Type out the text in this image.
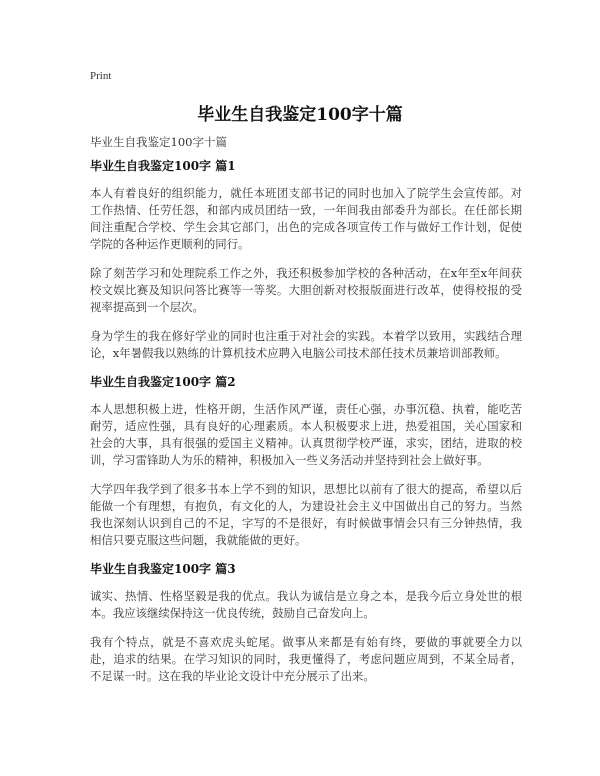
Print
毕业生自我鉴定100字十篇
毕业生自我鉴定100字十篇
毕业生自我鉴定100字 篇1

本人有着良好的组织能力，就任本班团支部书记的同时也加入了院学生会宣传部。对工作热情、任劳任怨，和部内成员团结一致，一年间我由部委升为部长。在任部长期间注重配合学校、学生会其它部门，出色的完成各项宣传工作与做好工作计划，促使学院的各种运作更顺利的同行。

除了刻苦学习和处理院系工作之外，我还积极参加学校的各种活动，在x年至x年间获校文娱比赛及知识问答比赛等一等奖。大胆创新对校报版面进行改革，使得校报的受视率提高到一个层次。

身为学生的我在修好学业的同时也注重于对社会的实践。本着学以致用，实践结合理论，x年暑假我以熟练的计算机技术应聘入电脑公司技术部任技术员兼培训部教师。

毕业生自我鉴定100字 篇2

本人思想积极上进，性格开朗，生活作风严谨，责任心强，办事沉稳、执着，能吃苦耐劳，适应性强，具有良好的心理素质。本人积极要求上进，热爱祖国，关心国家和社会的大事，具有很强的爱国主义精神。认真贯彻学校严谨，求实，团结，进取的校训，学习雷锋助人为乐的精神，积极加入一些义务活动并坚持到社会上做好事。

大学四年我学到了很多书本上学不到的知识，思想比以前有了很大的提高，希望以后能做一个有理想，有抱负，有文化的人，为建设社会主义中国做出自己的努力。当然我也深刻认识到自己的不足，字写的不是很好，有时候做事情会只有三分钟热情，我相信只要克服这些问题，我就能做的更好。

毕业生自我鉴定100字 篇3

诚实、热情、性格坚毅是我的优点。我认为诚信是立身之本，是我今后立身处世的根本。我应该继续保持这一优良传统，鼓励自己奋发向上。

我有个特点，就是不喜欢虎头蛇尾。做事从来都是有始有终，要做的事就要全力以赴，追求的结果。在学习知识的同时，我更懂得了，考虑问题应周到，不某全局者，不足谋一时。这在我的毕业论文设计中充分展示了出来。
